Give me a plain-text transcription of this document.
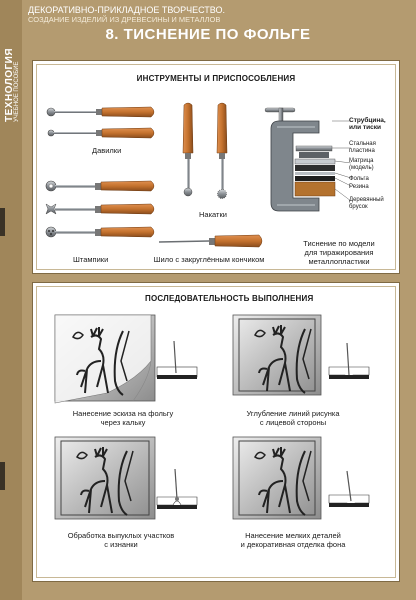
ТЕХНОЛОГИЯ УЧЕБНОЕ ПОСОБИЕ
ДЕКОРАТИВНО-ПРИКЛАДНОЕ ТВОРЧЕСТВО.
СОЗДАНИЕ ИЗДЕЛИЙ ИЗ ДРЕВЕСИНЫ И МЕТАЛЛОВ
8. ТИСНЕНИЕ ПО ФОЛЬГЕ
ИНСТРУМЕНТЫ И ПРИСПОСОБЛЕНИЯ
Давилки
Накатки
Штампики	Шило с закруглённым кончиком
Струбцина,
или тиски
Стальная
пластина
Матрица
(модель)
Фольга
Резина
Деревянный
брусок
Тиснение по модели
для тиражирования
металлопластики
ПОСЛЕДОВАТЕЛЬНОСТЬ ВЫПОЛНЕНИЯ
Нанесение эскиза на фольгу
через кальку
Углубление линий рисунка
с лицевой стороны
Обработка выпуклых участков
с изнанки
Нанесение мелких деталей
и декоративная отделка фона
